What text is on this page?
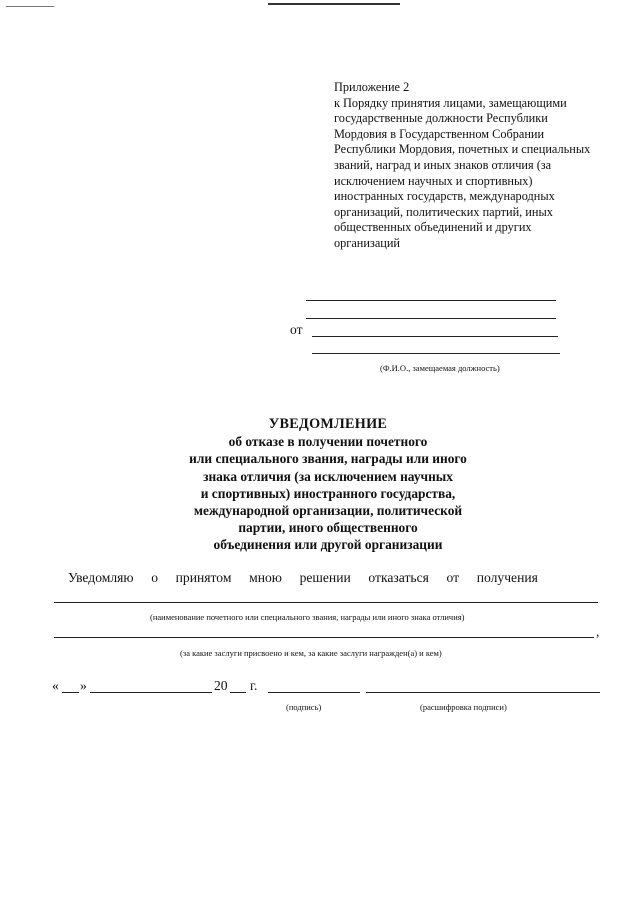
Приложение 2
к Порядку принятия лицами, замещающими
государственные должности Республики
Мордовия в Государственном Собрании
Республики Мордовия, почетных и специальных
званий, наград и иных знаков отличия (за
исключением научных и спортивных)
иностранных государств, международных
организаций, политических партий, иных
общественных объединений и других
организаций
от
(Ф.И.О., замещаемая должность)
УВЕДОМЛЕНИЕ
об отказе в получении почетного
или специального звания, награды или иного
знака отличия (за исключением научных
и спортивных) иностранного государства,
международной организации, политической
партии, иного общественного
объединения или другой организации
Уведомляю о принятом мною решении отказаться от получения
(наименование почетного или специального звания, награды или иного знака отличия)
,
(за какие заслуги присвоено и кем, за какие заслуги награжден(а) и кем)
« »	20 г.
(подпись)	(расшифровка подписи)
